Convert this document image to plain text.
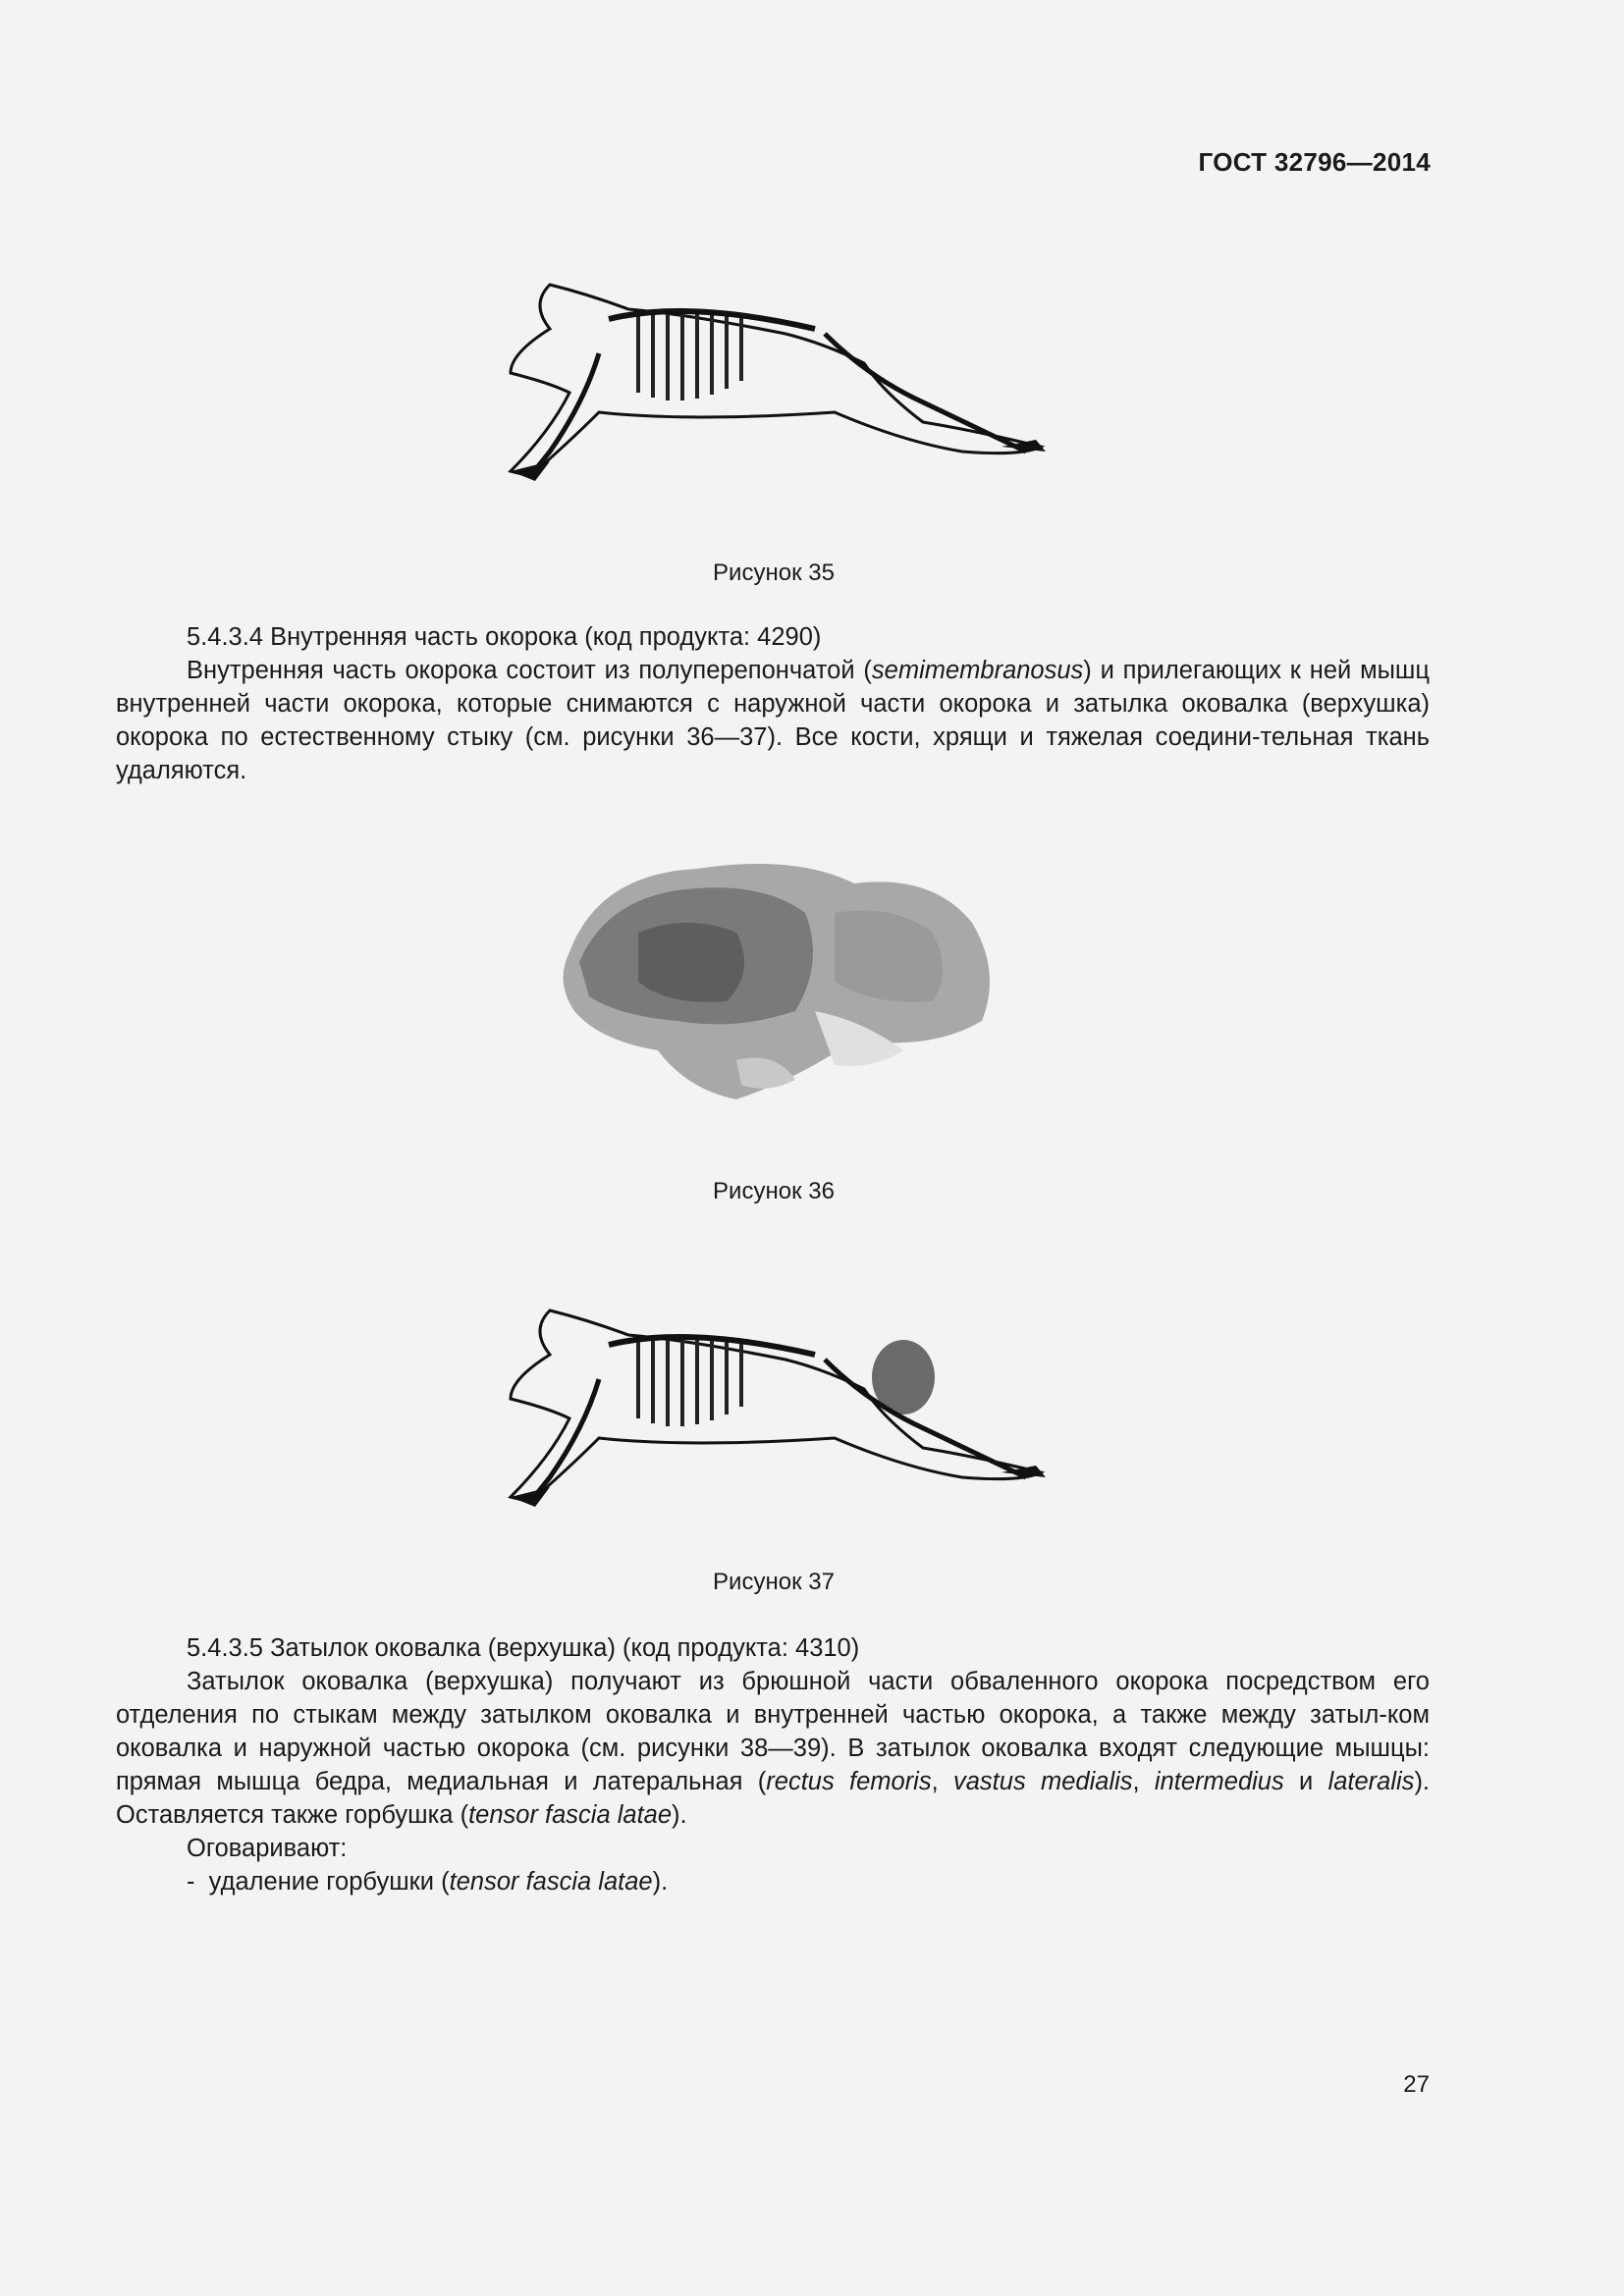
ГОСТ 32796—2014
Рисунок 35

5.4.3.4 Внутренняя часть окорока (код продукта: 4290)

Внутренняя часть окорока состоит из полуперепончатой (semimembranosus) и прилегающих к ней мышц внутренней части окорока, которые снимаются с наружной части окорока и затылка оковалка (верхушка) окорока по естественному стыку (см. рисунки 36—37). Все кости, хрящи и тяжелая соедини-тельная ткань удаляются.

Рисунок 36
Рисунок 37

5.4.3.5 Затылок оковалка (верхушка) (код продукта: 4310)

Затылок оковалка (верхушка) получают из брюшной части обваленного окорока посредством его отделения по стыкам между затылком оковалка и внутренней частью окорока, а также между затыл-ком оковалка и наружной частью окорока (см. рисунки 38—39). В затылок оковалка входят следующие мышцы: прямая мышца бедра, медиальная и латеральная (rectus femoris, vastus medialis, intermedius и lateralis). Оставляется также горбушка (tensor fascia latae).

Оговаривают:

-  удаление горбушки (tensor fascia latae).

27
